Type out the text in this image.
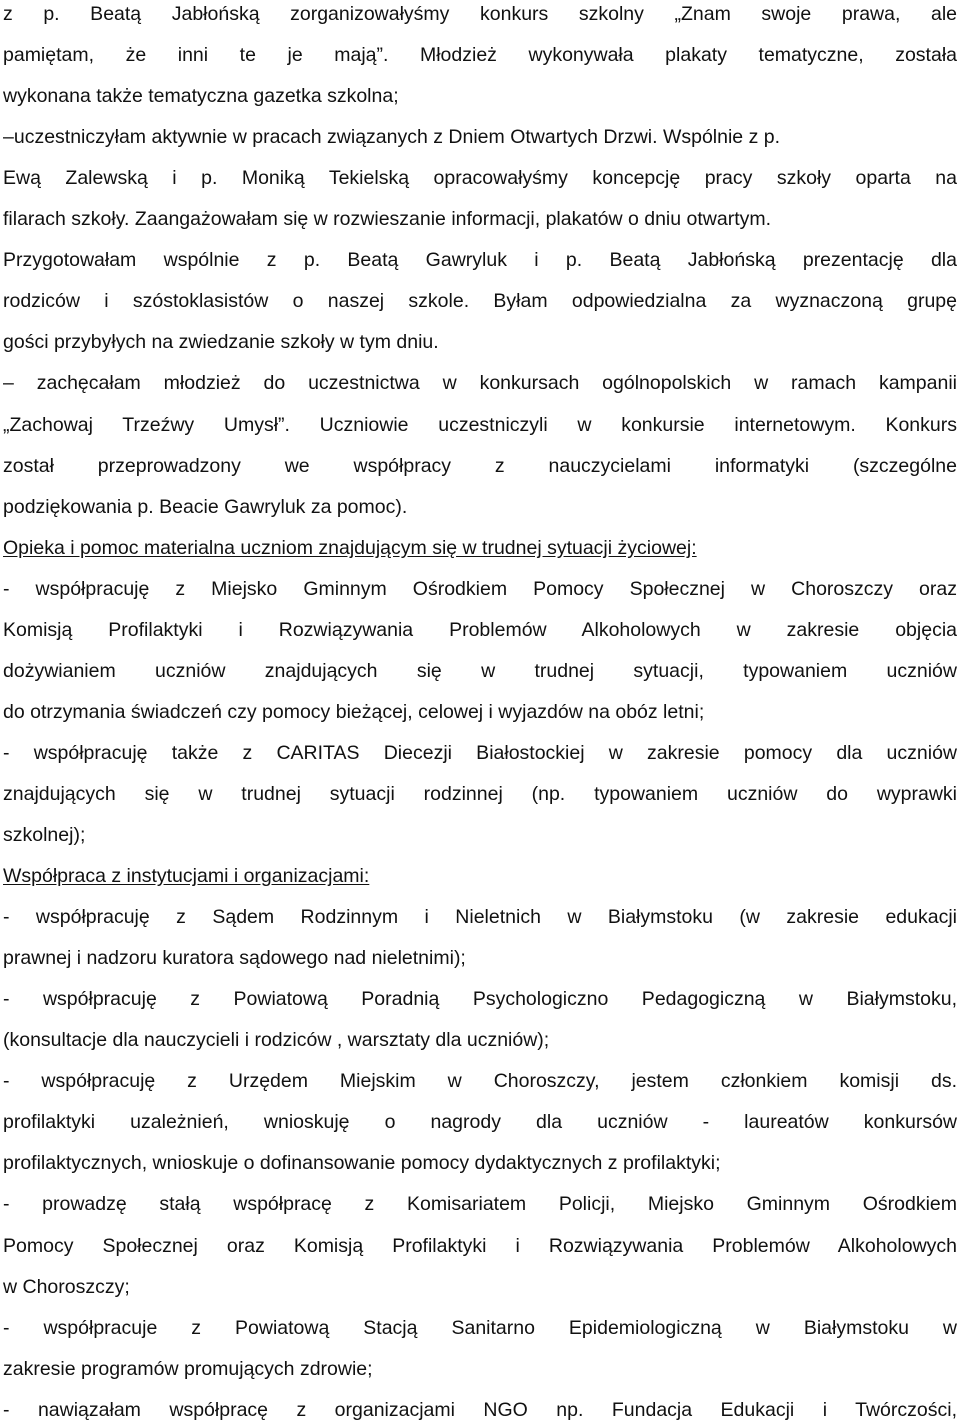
z p. Beatą Jabłońską zorganizowałyśmy konkurs szkolny „Znam swoje prawa, ale
pamiętam, że inni te je mają”. Młodzież wykonywała plakaty tematyczne, została
wykonana także tematyczna gazetka szkolna;
–uczestniczyłam aktywnie w pracach związanych z Dniem Otwartych Drzwi. Wspólnie z p.
Ewą Zalewską i p. Moniką Tekielską opracowałyśmy koncepcję pracy szkoły oparta na
filarach szkoły. Zaangażowałam się w rozwieszanie informacji, plakatów o dniu otwartym.
Przygotowałam wspólnie z p. Beatą Gawryluk i p. Beatą Jabłońską prezentację dla
rodziców i szóstoklasistów o naszej szkole. Byłam odpowiedzialna za wyznaczoną grupę
gości przybyłych na zwiedzanie szkoły w tym dniu.
– zachęcałam młodzież do uczestnictwa w konkursach ogólnopolskich w ramach kampanii
„Zachowaj Trzeźwy Umysł”. Uczniowie uczestniczyli w konkursie internetowym. Konkurs
został przeprowadzony we współpracy z nauczycielami informatyki (szczególne
podziękowania p. Beacie Gawryluk za pomoc).
Opieka i pomoc materialna uczniom znajdującym się w trudnej sytuacji życiowej:
- współpracuję z Miejsko Gminnym Ośrodkiem Pomocy Społecznej w Choroszczy oraz
Komisją Profilaktyki i Rozwiązywania Problemów Alkoholowych w zakresie objęcia
dożywianiem uczniów znajdujących się w trudnej sytuacji, typowaniem uczniów
do otrzymania świadczeń czy pomocy bieżącej, celowej i wyjazdów na obóz letni;
- współpracuję także z CARITAS Diecezji Białostockiej w zakresie pomocy dla uczniów
znajdujących się w trudnej sytuacji rodzinnej (np. typowaniem uczniów do wyprawki
szkolnej);
Współpraca z instytucjami i organizacjami:
- współpracuję z Sądem Rodzinnym i Nieletnich w Białymstoku (w zakresie edukacji
prawnej i nadzoru kuratora sądowego nad nieletnimi);
- współpracuję z Powiatową Poradnią Psychologiczno Pedagogiczną w Białymstoku,
(konsultacje dla nauczycieli i rodziców , warsztaty dla uczniów);
- współpracuję z Urzędem Miejskim w Choroszczy, jestem członkiem komisji ds.
profilaktyki uzależnień, wnioskuję o nagrody dla uczniów - laureatów konkursów
profilaktycznych, wnioskuje o dofinansowanie pomocy dydaktycznych z profilaktyki;
- prowadzę stałą współpracę z Komisariatem Policji, Miejsko Gminnym Ośrodkiem
Pomocy Społecznej oraz Komisją Profilaktyki i Rozwiązywania Problemów Alkoholowych
w Choroszczy;
- współpracuje z Powiatową Stacją Sanitarno Epidemiologiczną w Białymstoku w
zakresie programów promujących zdrowie;
- nawiązałam współpracę z organizacjami NGO np. Fundacja Edukacji i Twórczości,
